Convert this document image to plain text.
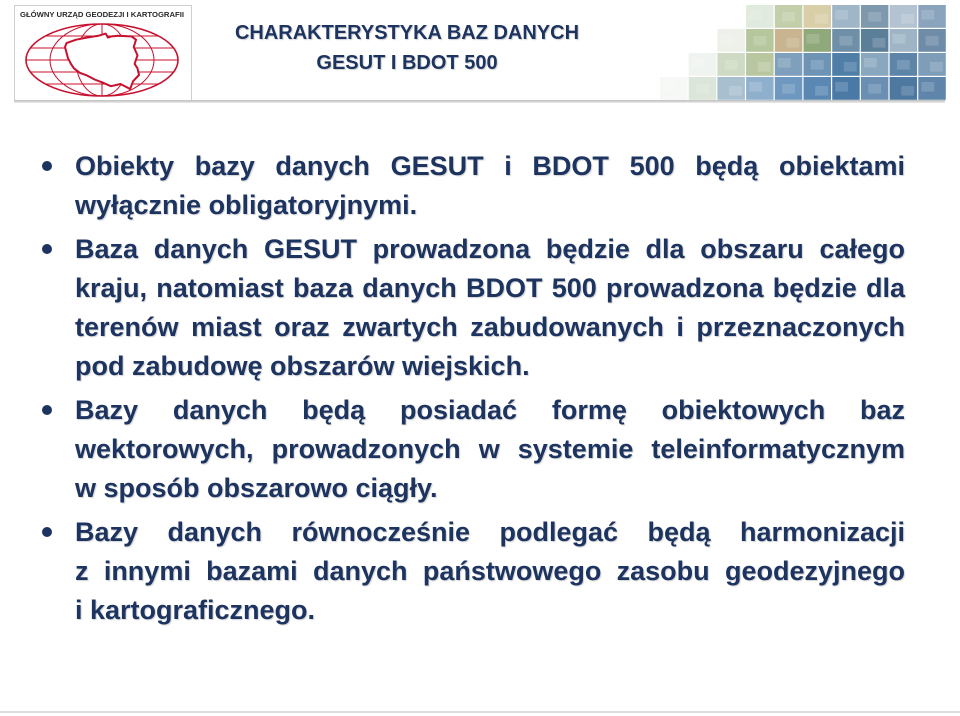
GŁÓWNY URZĄD GEODEZJI I KARTOGRAFII
CHARAKTERYSTYKA BAZ DANYCH
GESUT I BDOT 500
Obiekty bazy danych GESUT i BDOT 500 będą obiektami
wyłącznie obligatoryjnymi.
Baza danych GESUT prowadzona będzie dla obszaru całego
kraju, natomiast baza danych BDOT 500 prowadzona będzie dla
terenów miast oraz zwartych zabudowanych i przeznaczonych
pod zabudowę obszarów wiejskich.
Bazy danych będą posiadać formę obiektowych baz
wektorowych, prowadzonych w systemie teleinformatycznym
w sposób obszarowo ciągły.
Bazy danych równocześnie podlegać będą harmonizacji
z innymi bazami danych państwowego zasobu geodezyjnego
i kartograficznego.
